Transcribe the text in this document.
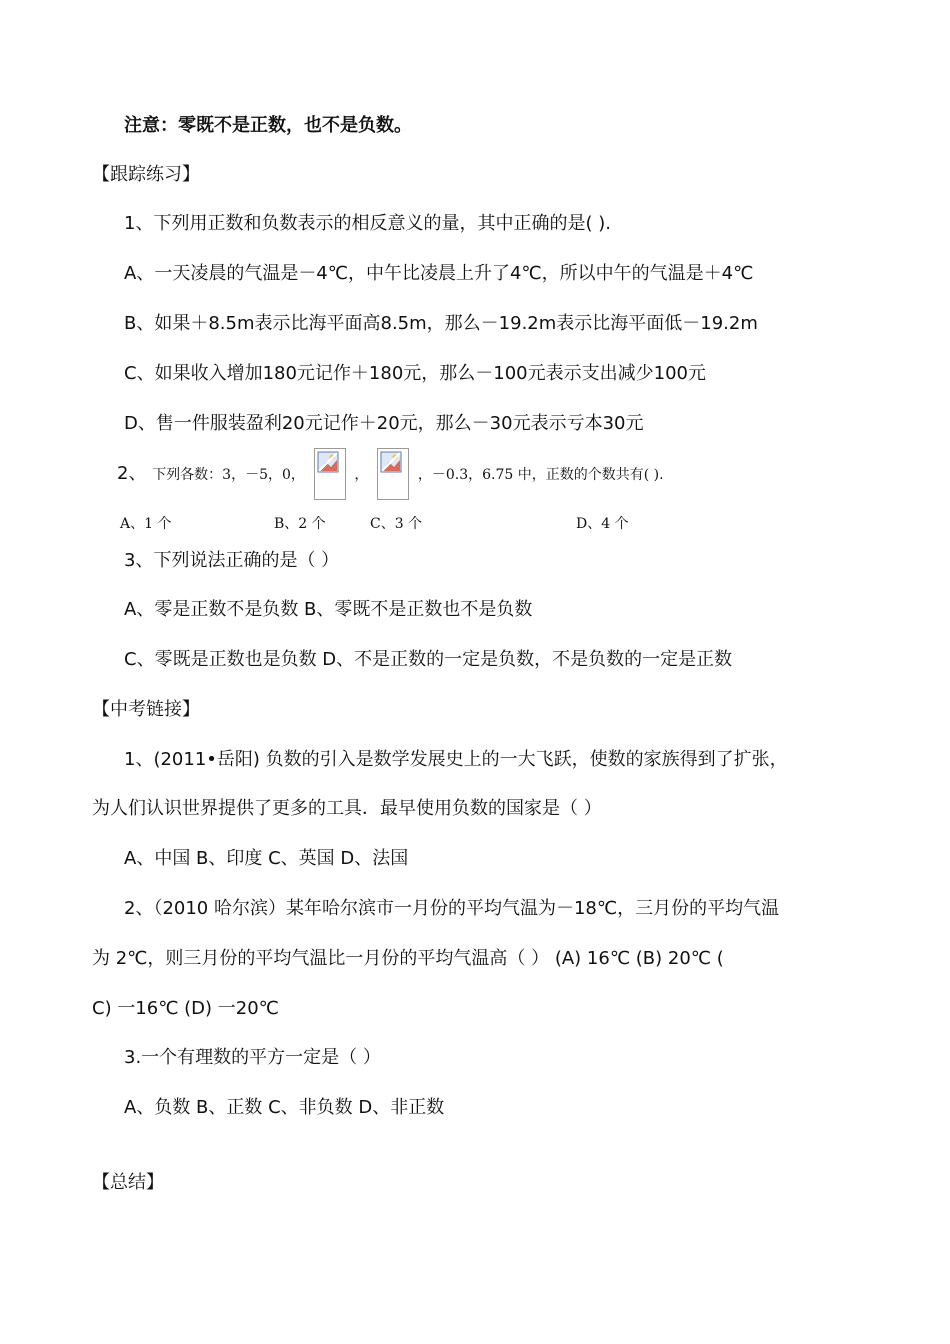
注意：零既不是正数，也不是负数。
【跟踪练习】
1、下列用正数和负数表示的相反意义的量，其中正确的是( ).
A、一天凌晨的气温是－4℃，中午比凌晨上升了4℃，所以中午的气温是＋4℃
B、如果＋8.5m表示比海平面高8.5m，那么－19.2m表示比海平面低－19.2m
C、如果收入增加180元记作＋180元，那么－100元表示支出减少100元
D、售一件服装盈利20元记作＋20元，那么－30元表示亏本30元
2、 下列各数：3，－5，0，	，	，－0.3，6.75 中，正数的个数共有( ).
A、1 个	B、2 个	C、3 个	D、4 个
3、下列说法正确的是（ ）
A、零是正数不是负数 B、零既不是正数也不是负数
C、零既是正数也是负数 D、不是正数的一定是负数，不是负数的一定是正数
【中考链接】
1、(2011•岳阳) 负数的引入是数学发展史上的一大飞跃，使数的家族得到了扩张，
为人们认识世界提供了更多的工具．最早使用负数的国家是（ ）
A、中国 B、印度 C、英国 D、法国
2、（2010 哈尔滨）某年哈尔滨市一月份的平均气温为－18℃，三月份的平均气温
为 2℃，则三月份的平均气温比一月份的平均气温高（ ） (A) 16℃ (B) 20℃ (
C) 一16℃ (D) 一20℃
3.一个有理数的平方一定是（ ）
A、负数 B、正数 C、非负数 D、非正数
【总结】
